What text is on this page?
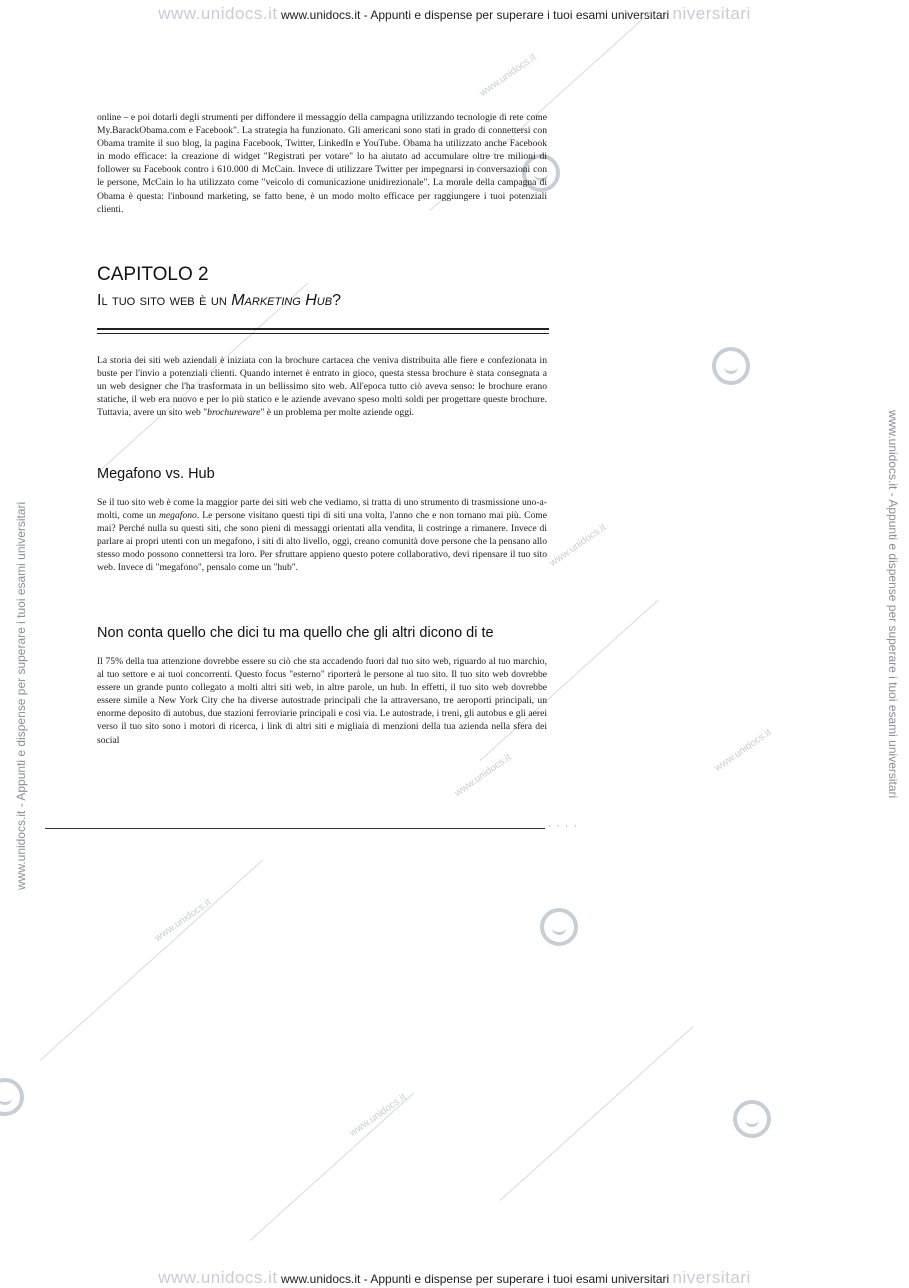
www.unidocs.it www.unidocs.it - Appunti e dispense per superare i tuoi esami universitari niversitari
www.unidocs.it - Appunti e dispense per superare i tuoi esami universitari	www.unidocs.it - Appunti e dispense per superare i tuoi esami universitari
www.unidocs.it
www.unidocs.it
www.unidocs.it
www.unidocs.it
www.unidocs.it
www.unidocs.it

online – e poi dotarli degli strumenti per diffondere il messaggio della campagna utilizzando tecnologie di rete come My.BarackObama.com e Facebook". La strategia ha funzionato. Gli americani sono stati in grado di connettersi con Obama tramite il suo blog, la pagina Facebook, Twitter, LinkedIn e YouTube. Obama ha utilizzato anche Facebook in modo efficace: la creazione di widget "Registrati per votare" lo ha aiutato ad accumulare oltre tre milioni di follower su Facebook contro i 610.000 di McCain. Invece di utilizzare Twitter per impegnarsi in conversazioni con le persone, McCain lo ha utilizzato come "veicolo di comunicazione unidirezionale". La morale della campagna di Obama è questa: l'inbound marketing, se fatto bene, è un modo molto efficace per raggiungere i tuoi potenziali clienti.

CAPITOLO 2

Il tuo sito web è un Marketing Hub?

La storia dei siti web aziendali è iniziata con la brochure cartacea che veniva distribuita alle fiere e confezionata in buste per l'invio a potenziali clienti. Quando internet è entrato in gioco, questa stessa brochure è stata consegnata a un web designer che l'ha trasformata in un bellissimo sito web. All'epoca tutto ciò aveva senso: le brochure erano statiche, il web era nuovo e per lo più statico e le aziende avevano speso molti soldi per progettare queste brochure. Tuttavia, avere un sito web "brochureware" è un problema per molte aziende oggi.

Megafono vs. Hub

Se il tuo sito web è come la maggior parte dei siti web che vediamo, si tratta di uno strumento di trasmissione uno-a-molti, come un megafono. Le persone visitano questi tipi di siti una volta, l'anno che e non tornano mai più. Come mai? Perché nulla su questi siti, che sono pieni di messaggi orientati alla vendita, li costringe a rimanere. Invece di parlare ai propri utenti con un megafono, i siti di alto livello, oggi, creano comunità dove persone che la pensano allo stesso modo possono connettersi tra loro. Per sfruttare appieno questo potere collaborativo, devi ripensare il tuo sito web. Invece di "megafono", pensalo come un "hub".

Non conta quello che dici tu ma quello che gli altri dicono di te

Il 75% della tua attenzione dovrebbe essere su ciò che sta accadendo fuori dal tuo sito web, riguardo al tuo marchio, al tuo settore e ai tuoi concorrenti. Questo focus "esterno" riporterà le persone al tuo sito. Il tuo sito web dovrebbe essere un grande punto collegato a molti altri siti web, in altre parole, un hub. In effetti, il tuo sito web dovrebbe essere simile a New York City che ha diverse autostrade principali che la attraversano, tre aeroporti principali, un enorme deposito di autobus, due stazioni ferroviarie principali e così via. Le autostrade, i treni, gli autobus e gli aerei verso il tuo sito sono i motori di ricerca, i link di altri siti e migliaia di menzioni della tua azienda nella sfera dei social

· · · ·
www.unidocs.it www.unidocs.it - Appunti e dispense per superare i tuoi esami universitari niversitari
